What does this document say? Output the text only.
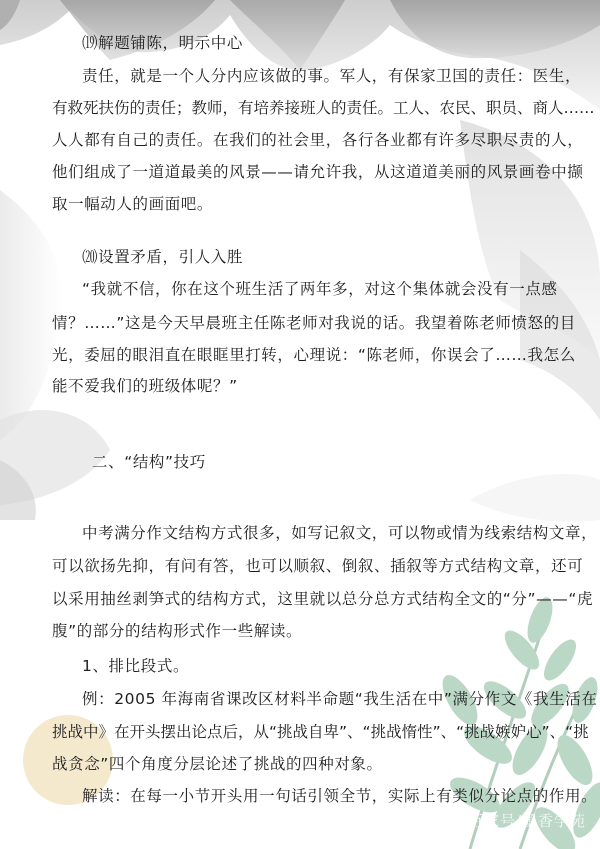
⒆解题铺陈，明示中心
责任，就是一个人分内应该做的事。军人，有保家卫国的责任：医生，
有救死扶伤的责任；教师，有培养接班人的责任。工人、农民、职员、商人……
人人都有自己的责任。在我们的社会里，各行各业都有许多尽职尽责的人，
他们组成了一道道最美的风景——请允许我，从这道道美丽的风景画卷中撷
取一幅动人的画面吧。
⒇设置矛盾，引人入胜
“我就不信，你在这个班生活了两年多，对这个集体就会没有一点感
情？……”这是今天早晨班主任陈老师对我说的话。我望着陈老师愤怒的目
光，委屈的眼泪直在眼眶里打转，心理说：“陈老师，你误会了……我怎么
能不爱我们的班级体呢？”
二、“结构”技巧
中考满分作文结构方式很多，如写记叙文，可以物或情为线索结构文章，
可以欲扬先抑，有问有答，也可以顺叙、倒叙、插叙等方式结构文章，还可
以采用抽丝剥笋式的结构方式，这里就以总分总方式结构全文的“分”——“虎
腹”的部分的结构形式作一些解读。
1、排比段式。
例：2005 年海南省课改区材料半命题“我生活在中”满分作文《我生活在
挑战中》在开头摆出论点后，从“挑战自卑”、“挑战惰性”、“挑战嫉妒心”、“挑
战贪念”四个角度分层论述了挑战的四种对象。
解读：在每一小节开头用一句话引领全节，实际上有类似分论点的作用。
百家号/墨香学苑
